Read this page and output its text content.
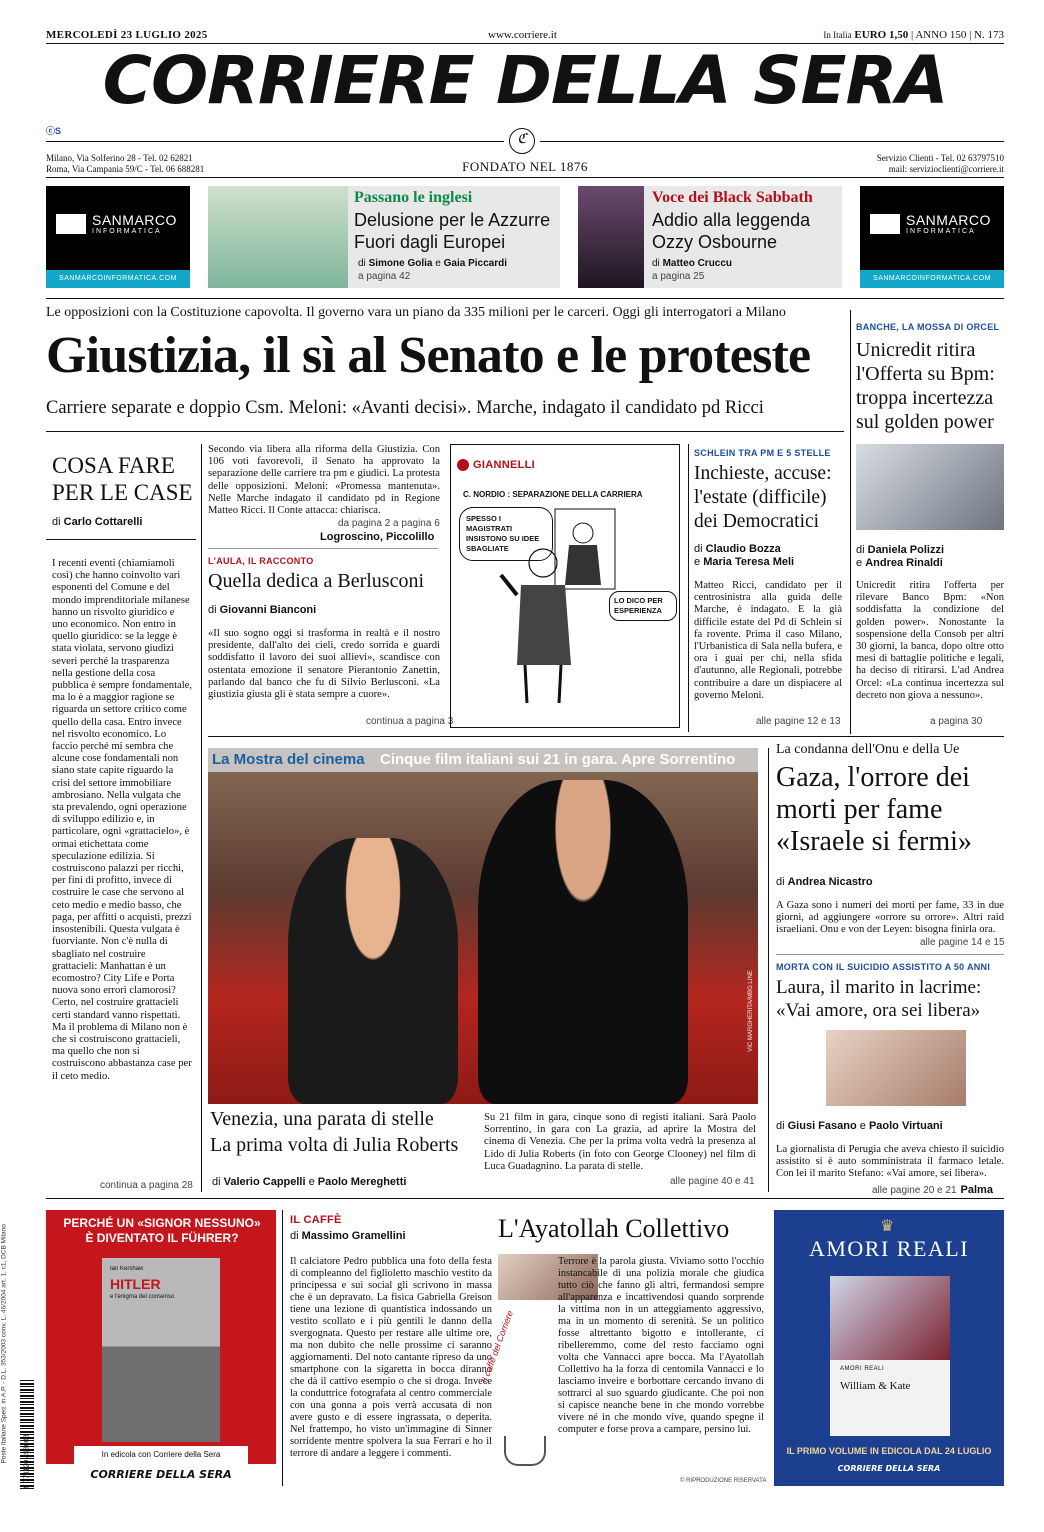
MERCOLEDÌ 23 LUGLIO 2025	www.corriere.it	In Italia EURO 1,50 | ANNO 150 | N. 173
CORRIERE DELLA SERA
ⓒS
ℭ
Milano, Via Solferino 28 - Tel. 02 62821
Roma, Via Campania 59/C - Tel. 06 688281	FONDATO NEL 1876
Servizio Clienti - Tel. 02 63797510
mail: servizioclienti@corriere.it
SANMARCO
INFORMATICA
SANMARCOINFORMATICA.COM
Passano le inglesi
Delusione per le Azzurre
Fuori dagli Europei
di Simone Golia e Gaia Piccardi
a pagina 42
Voce dei Black Sabbath
Addio alla leggenda
Ozzy Osbourne
di Matteo Cruccu
a pagina 25
SANMARCO
INFORMATICA
SANMARCOINFORMATICA.COM
Le opposizioni con la Costituzione capovolta. Il governo vara un piano da 335 milioni per le carceri. Oggi gli interrogatori a Milano
Giustizia, il sì al Senato e le proteste
Carriere separate e doppio Csm. Meloni: «Avanti decisi». Marche, indagato il candidato pd Ricci
BANCHE, LA MOSSA DI ORCEL
Unicredit ritira l'Offerta su Bpm: troppa incertezza sul golden power
di Daniela Polizzi
e Andrea Rinaldi
Unicredit ritira l'offerta per rilevare Banco Bpm: «Non soddisfatta la condizione del golden power». Nonostante la sospensione della Consob per altri 30 giorni, la banca, dopo oltre otto mesi di battaglie politiche e legali, ha deciso di ritirarsi. L'ad Andrea Orcel: «La continua incertezza sul decreto non giova a nessuno».
a pagina 30
COSA FARE PER LE CASE
di Carlo Cottarelli
I recenti eventi (chiamiamoli così) che hanno coinvolto vari esponenti del Comune e del mondo imprenditoriale milanese hanno un risvolto giuridico e uno economico. Non entro in quello giuridico: se la legge è stata violata, servono giudizi severi perché la trasparenza nella gestione della cosa pubblica è sempre fondamentale, ma lo è a maggior ragione se riguarda un settore critico come quello della casa. Entro invece nel risvolto economico. Lo faccio perché mi sembra che alcune cose fondamentali non siano state capite riguardo la crisi del settore immobiliare ambrosiano. Nella vulgata che sta prevalendo, ogni operazione di sviluppo edilizio e, in particolare, ogni «grattacielo», è ormai etichettata come speculazione edilizia. Si costruiscono palazzi per ricchi, per fini di profitto, invece di costruire le case che servono al ceto medio e medio basso, che paga, per affitti o acquisti, prezzi insostenibili. Questa vulgata è fuorviante. Non c'è nulla di sbagliato nel costruire grattacieli: Manhattan è un ecomostro? City Life e Porta nuova sono errori clamorosi? Certo, nel costruire grattacieli certi standard vanno rispettati. Ma il problema di Milano non è che si costruiscono grattacieli, ma quello che non si costruiscono abbastanza case per il ceto medio.
continua a pagina 28
Secondo via libera alla riforma della Giustizia. Con 106 voti favorevoli, il Senato ha approvato la separazione delle carriere tra pm e giudici. La protesta delle opposizioni. Meloni: «Promessa mantenuta». Nelle Marche indagato il candidato pd in Regione Matteo Ricci. Il Conte attacca: chiarisca.
da pagina 2 a pagina 6
Logroscino, Piccolillo
L'AULA, IL RACCONTO
Quella dedica a Berlusconi
di Giovanni Bianconi
«Il suo sogno oggi si trasforma in realtà e il nostro presidente, dall'alto dei cieli, credo sorrida e guardi soddisfatto il lavoro dei suoi allievi», scandisce con ostentata emozione il senatore Pierantonio Zanettin, parlando dal banco che fu di Silvio Berlusconi. «La giustizia giusta gli è stata sempre a cuore».
continua a pagina 3
GIANNELLI
C. NORDIO : SEPARAZIONE DELLA CARRIERA
SPESSO I MAGISTRATI INSISTONO SU IDEE SBAGLIATE
LO DICO PER ESPERIENZA
SCHLEIN TRA PM E 5 STELLE
Inchieste, accuse: l'estate (difficile) dei Democratici
di Claudio Bozza
e Maria Teresa Meli
Matteo Ricci, candidato per il centrosinistra alla guida delle Marche, è indagato. E la già difficile estate del Pd di Schlein si fa rovente. Prima il caso Milano, l'Urbanistica di Sala nella bufera, e ora i guai per chi, nella sfida d'autunno, alle Regionali, potrebbe contribuire a dare un dispiacere al governo Meloni.
alle pagine 12 e 13
La Mostra del cinema Cinque film italiani sui 21 in gara. Apre Sorrentino
VIC MARGHERITA/MBG LINE
Venezia, una parata di stelle
La prima volta di Julia Roberts
di Valerio Cappelli e Paolo Mereghetti
Su 21 film in gara, cinque sono di registi italiani. Sarà Paolo Sorrentino, in gara con La grazia, ad aprire la Mostra del cinema di Venezia. Che per la prima volta vedrà la presenza al Lido di Julia Roberts (in foto con George Clooney) nel film di Luca Guadagnino. La parata di stelle.
alle pagine 40 e 41
La condanna dell'Onu e della Ue
Gaza, l'orrore dei morti per fame «Israele si fermi»
di Andrea Nicastro
A Gaza sono i numeri dei morti per fame, 33 in due giorni, ad aggiungere «orrore su orrore». Altri raid israeliani. Onu e von der Leyen: bisogna finirla ora.
alle pagine 14 e 15
MORTA CON IL SUICIDIO ASSISTITO A 50 ANNI
Laura, il marito in lacrime: «Vai amore, ora sei libera»
di Giusi Fasano e Paolo Virtuani
La giornalista di Perugia che aveva chiesto il suicidio assistito si è auto somministrata il farmaco letale. Con lei il marito Stefano: «Vai amore, sei libera».
alle pagine 20 e 21 Palma
PERCHÉ UN «SIGNOR NESSUNO» È DIVENTATO IL FÜHRER?
Ian Kershaw
HITLER
e l'enigma del consenso
In edicola con Corriere della Sera
CORRIERE DELLA SERA
IL CAFFÈ
di Massimo Gramellini	L'Ayatollah Collettivo
Il calciatore Pedro pubblica una foto della festa di compleanno del figlioletto maschio vestito da principessa e sui social gli scrivono in massa che è un depravato. La fisica Gabriella Greison tiene una lezione di quantistica indossando un vestito scollato e i più gentili le danno della svergognata. Questo per restare alle ultime ore, ma non dubito che nelle prossime ci saranno aggiornamenti. Del noto cantante ripreso da uno smartphone con la sigaretta in bocca diranno che dà il cattivo esempio o che si droga. Invece la conduttrice fotografata al centro commerciale con una gonna a pois verrà accusata di non avere gusto e di essere ingrassata, o deperita. Nel frattempo, ho visto un'immagine di Sinner sorridente mentre spolvera la sua Ferrari e ho il terrore di andare a leggere i commenti.
Il caffè del Corriere
Terrore è la parola giusta. Viviamo sotto l'occhio instancabile di una polizia morale che giudica tutto ciò che fanno gli altri, fermandosi sempre all'apparenza e incattivendosi quando sorprende la vittima non in un atteggiamento aggressivo, ma in un momento di serenità. Se un politico fosse altrettanto bigotto e intollerante, ci ribelleremmo, come del resto facciamo ogni volta che Vannacci apre bocca. Ma l'Ayatollah Collettivo ha la forza di centomila Vannacci e lo lasciamo inveire e borbottare cercando invano di sottrarci al suo sguardo giudicante. Che poi non si capisce neanche bene in che mondo vorrebbe vivere né in che mondo vive, quando spegne il computer e forse prova a campare, persino lui.
© RIPRODUZIONE RISERVATA
♛
AMORI REALI
AMORI REALI
William & Kate
IL PRIMO VOLUME IN EDICOLA DAL 24 LUGLIO
CORRIERE DELLA SERA
Poste Italiane Sped. in A.P. - D.L. 353/2003 conv. L. 46/2004 art. 1, c1, DCB Milano 9 771120 498008
